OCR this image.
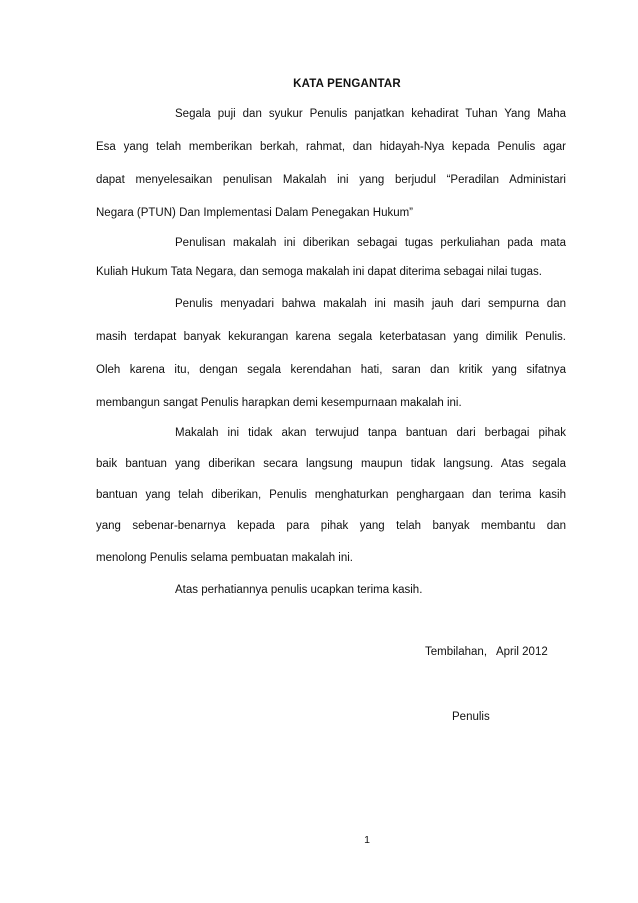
KATA PENGANTAR
Segala puji dan syukur Penulis panjatkan kehadirat Tuhan Yang Maha
Esa yang telah memberikan berkah, rahmat, dan hidayah-Nya kepada Penulis agar
dapat menyelesaikan penulisan Makalah ini yang berjudul “Peradilan Administari
Negara (PTUN) Dan Implementasi Dalam Penegakan Hukum”
Penulisan makalah ini diberikan sebagai tugas perkuliahan pada mata
Kuliah Hukum Tata Negara, dan semoga makalah ini dapat diterima sebagai nilai tugas.
Penulis menyadari bahwa makalah ini masih jauh dari sempurna dan
masih terdapat banyak kekurangan karena segala keterbatasan yang dimilik Penulis.
Oleh karena itu, dengan segala kerendahan hati, saran dan kritik yang sifatnya
membangun sangat Penulis harapkan demi kesempurnaan makalah ini.
Makalah ini tidak akan terwujud tanpa bantuan dari berbagai pihak
baik bantuan yang diberikan secara langsung maupun tidak langsung. Atas segala
bantuan yang telah diberikan, Penulis menghaturkan penghargaan dan terima kasih
yang sebenar-benarnya kepada para pihak yang telah banyak membantu dan
menolong Penulis selama pembuatan makalah ini.
Atas perhatiannya penulis ucapkan terima kasih.
Tembilahan,   April 2012
Penulis
1
